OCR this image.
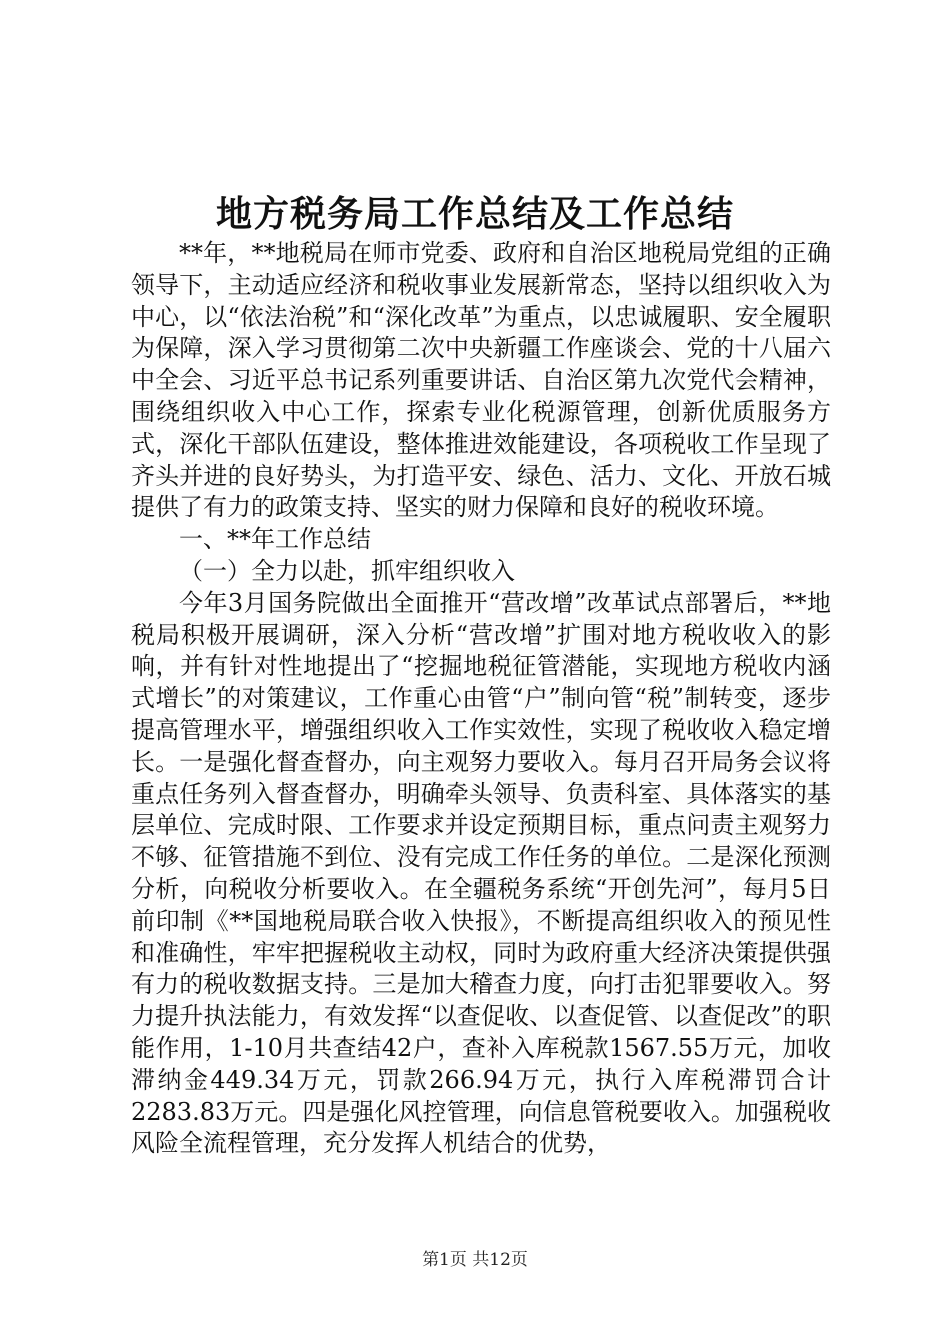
地方税务局工作总结及工作总结

**年，**地税局在师市党委、政府和自治区地税局党组的正确领导下，主动适应经济和税收事业发展新常态，坚持以组织收入为中心，以“依法治税”和“深化改革”为重点，以忠诚履职、安全履职为保障，深入学习贯彻第二次中央新疆工作座谈会、党的十八届六中全会、习近平总书记系列重要讲话、自治区第九次党代会精神，围绕组织收入中心工作，探索专业化税源管理，创新优质服务方式，深化干部队伍建设，整体推进效能建设，各项税收工作呈现了齐头并进的良好势头，为打造平安、绿色、活力、文化、开放石城提供了有力的政策支持、坚实的财力保障和良好的税收环境。

一、**年工作总结

（一）全力以赴，抓牢组织收入

今年3月国务院做出全面推开“营改增”改革试点部署后，**地税局积极开展调研，深入分析“营改增”扩围对地方税收收入的影响，并有针对性地提出了“挖掘地税征管潜能，实现地方税收内涵式增长”的对策建议，工作重心由管“户”制向管“税”制转变，逐步提高管理水平，增强组织收入工作实效性，实现了税收收入稳定增长。一是强化督查督办，向主观努力要收入。每月召开局务会议将重点任务列入督查督办，明确牵头领导、负责科室、具体落实的基层单位、完成时限、工作要求并设定预期目标，重点问责主观努力不够、征管措施不到位、没有完成工作任务的单位。二是深化预测分析，向税收分析要收入。在全疆税务系统“开创先河”，每月5日前印制《**国地税局联合收入快报》，不断提高组织收入的预见性和准确性，牢牢把握税收主动权，同时为政府重大经济决策提供强有力的税收数据支持。三是加大稽查力度，向打击犯罪要收入。努力提升执法能力，有效发挥“以查促收、以查促管、以查促改”的职能作用，1-10月共查结42户，查补入库税款1567.55万元，加收滞纳金449.34万元，罚款266.94万元，执行入库税滞罚合计2283.83万元。四是强化风控管理，向信息管税要收入。加强税收风险全流程管理，充分发挥人机结合的优势，

第1页 共12页
